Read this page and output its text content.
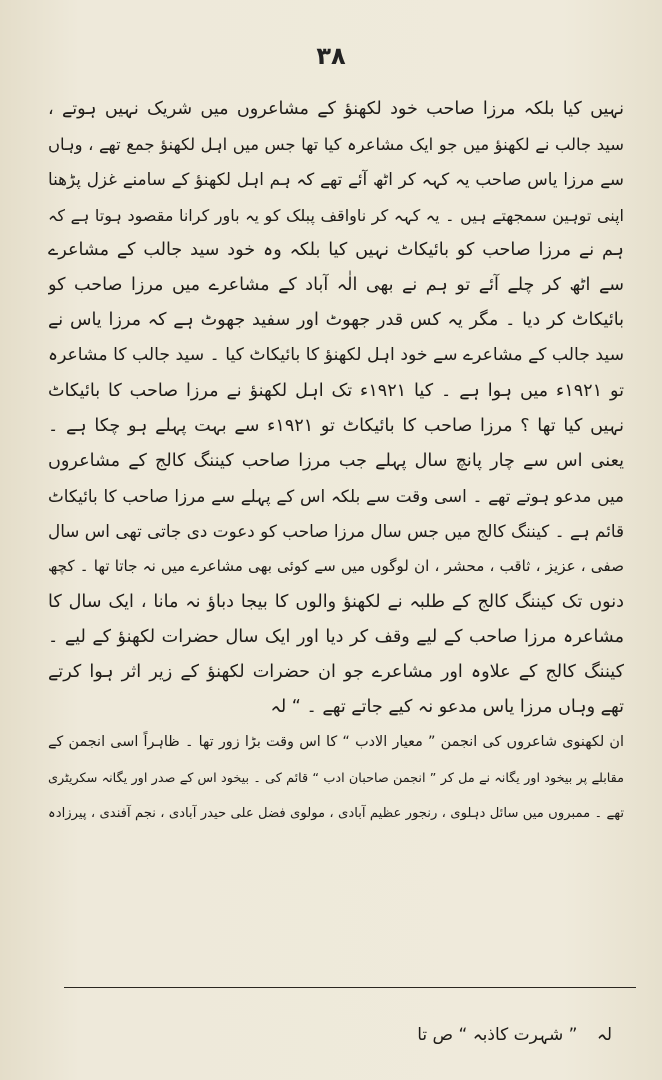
۳۸
نہیں کیا بلکہ مرزا صاحب خود لکھنؤ کے مشاعروں میں شریک نہیں ہوتے ،
سید جالب نے لکھنؤ میں جو ایک مشاعرہ کیا تھا جس میں اہل لکھنؤ جمع تھے ، وہاں
سے مرزا یاس صاحب یہ کہہ کر اٹھ آئے تھے کہ ہم اہل لکھنؤ کے سامنے غزل پڑھنا
اپنی توہین سمجھتے ہیں ۔ یہ کہہ کر ناواقف پبلک کو یہ باور کرانا مقصود ہوتا ہے کہ
ہم نے مرزا صاحب کو بائیکاٹ نہیں کیا بلکہ وہ خود سید جالب کے مشاعرے
سے اٹھ کر چلے آئے تو ہم نے بھی الٰہ آباد کے مشاعرے میں مرزا صاحب کو
بائیکاٹ کر دیا ۔ مگر یہ کس قدر جھوٹ اور سفید جھوٹ ہے کہ مرزا یاس نے
سید جالب کے مشاعرے سے خود اہل لکھنؤ کا بائیکاٹ کیا ۔ سید جالب کا مشاعرہ
تو ۱۹۲۱ء میں ہوا ہے ۔ کیا ۱۹۲۱ء تک اہل لکھنؤ نے مرزا صاحب کا بائیکاٹ
نہیں کیا تھا ؟ مرزا صاحب کا بائیکاٹ تو ۱۹۲۱ء سے بہت پہلے ہو چکا ہے ۔
یعنی اس سے چار پانچ سال پہلے جب مرزا صاحب کیننگ کالج کے مشاعروں
میں مدعو ہوتے تھے ۔ اسی وقت سے بلکہ اس کے پہلے سے مرزا صاحب کا بائیکاٹ
قائم ہے ۔ کیننگ کالج میں جس سال مرزا صاحب کو دعوت دی جاتی تھی اس سال
صفی ، عزیز ، ثاقب ، محشر ، ان لوگوں میں سے کوئی بھی مشاعرے میں نہ جاتا تھا ۔ کچھ
دنوں تک کیننگ کالج کے طلبہ نے لکھنؤ والوں کا بیجا دباؤ نہ مانا ، ایک سال کا
مشاعرہ مرزا صاحب کے لیے وقف کر دیا اور ایک سال حضرات لکھنؤ کے لیے ۔
کیننگ کالج کے علاوہ اور مشاعرے جو ان حضرات لکھنؤ کے زیر اثر ہوا کرتے
تھے وہاں مرزا یاس مدعو نہ کیے جاتے تھے ۔ “ لہ
ان لکھنوی شاعروں کی انجمن ” معیار الادب “ کا اس وقت بڑا زور تھا ۔ ظاہراً اسی انجمن کے
مقابلے پر بیخود اور یگانہ نے مل کر ” انجمن صاحبان ادب “ قائم کی ۔ بیخود اس کے صدر اور یگانہ سکریٹری
تھے ۔ ممبروں میں سائل دہلوی ، رنجور عظیم آبادی ، مولوی فضل علی حیدر آبادی ، نجم آفندی ، پیرزادہ
لہ ” شہرت کاذبہ “ ص تا
